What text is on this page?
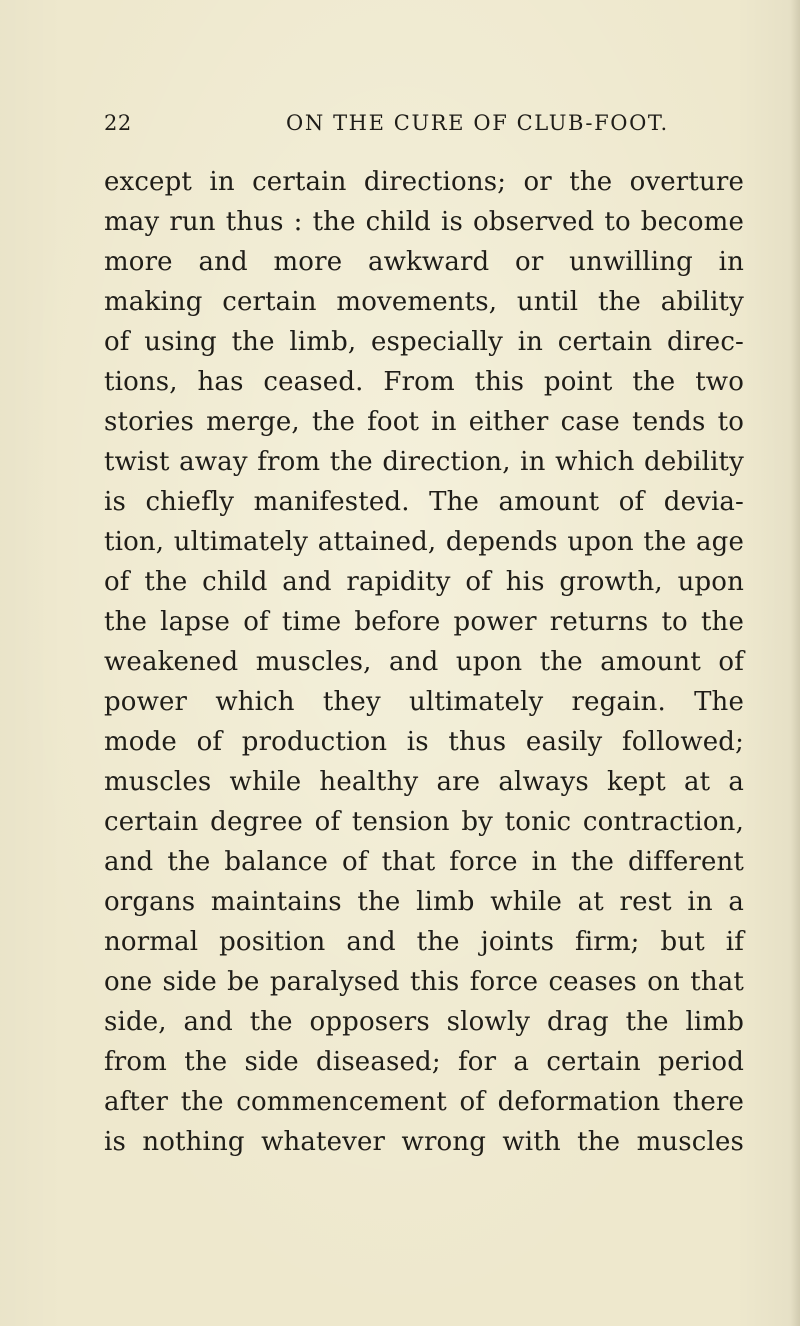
22	ON THE CURE OF CLUB-FOOT.
except in certain directions; or the overture
may run thus : the child is observed to become
more and more awkward or unwilling in
making certain movements, until the ability
of using the limb, especially in certain direc-
tions, has ceased. From this point the two
stories merge, the foot in either case tends to
twist away from the direction, in which debility
is chiefly manifested. The amount of devia-
tion, ultimately attained, depends upon the age
of the child and rapidity of his growth, upon
the lapse of time before power returns to the
weakened muscles, and upon the amount of
power which they ultimately regain. The
mode of production is thus easily followed;
muscles while healthy are always kept at a
certain degree of tension by tonic contraction,
and the balance of that force in the different
organs maintains the limb while at rest in a
normal position and the joints firm; but if
one side be paralysed this force ceases on that
side, and the opposers slowly drag the limb
from the side diseased; for a certain period
after the commencement of deformation there
is nothing whatever wrong with the muscles
